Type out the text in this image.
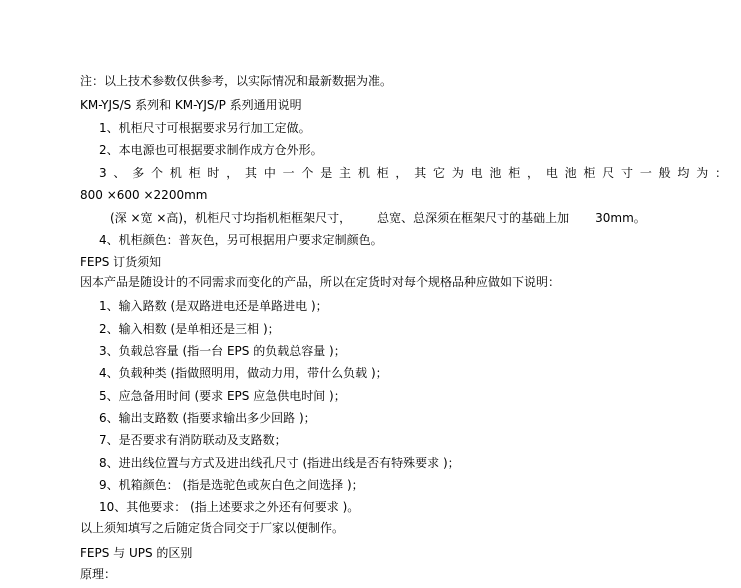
注：以上技术参数仅供参考，以实际情况和最新数据为准。

KM-YJS/S 系列和 KM-YJS/P 系列通用说明

1、机柜尺寸可根据要求另行加工定做。

2、本电源也可根据要求制作成方仓外形。

3、多个机柜时，其中一个是主机柜，其它为电池柜，电池柜尺寸一般均为：

800 ×600 ×2200mm

(深 ×宽 ×高)，机柜尺寸均指机柜框架尺寸， 总宽、总深须在框架尺寸的基础上加 30mm。

4、机柜颜色：普灰色，另可根据用户要求定制颜色。

FEPS 订货须知

因本产品是随设计的不同需求而变化的产品，所以在定货时对每个规格品种应做如下说明：

1、输入路数 (是双路进电还是单路进电 )；

2、输入相数 (是单相还是三相 )；

3、负载总容量 (指一台 EPS 的负载总容量 )；

4、负载种类 (指做照明用，做动力用，带什么负载 )；

5、应急备用时间 (要求 EPS 应急供电时间 )；

6、输出支路数 (指要求输出多少回路 )；

7、是否要求有消防联动及支路数；

8、进出线位置与方式及进出线孔尺寸 (指进出线是否有特殊要求 )；

9、机箱颜色： (指是选驼色或灰白色之间选择 )；

10、其他要求： (指上述要求之外还有何要求 )。

以上须知填写之后随定货合同交于厂家以便制作。

FEPS 与 UPS 的区别

原理：
